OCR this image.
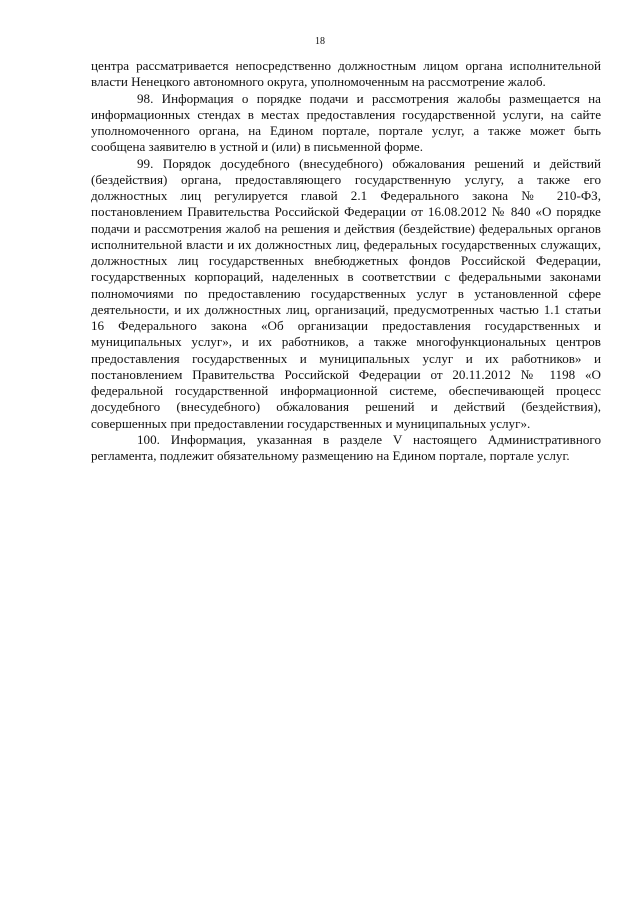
18

центра рассматривается непосредственно должностным лицом органа исполнительной власти Ненецкого автономного округа, уполномоченным на рассмотрение жалоб.

98. Информация о порядке подачи и рассмотрения жалобы размещается на информационных стендах в местах предоставления государственной услуги, на сайте уполномоченного органа, на Едином портале, портале услуг, а также может быть сообщена заявителю в устной и (или) в письменной форме.

99. Порядок досудебного (внесудебного) обжалования решений и действий (бездействия) органа, предоставляющего государственную услугу, а также его должностных лиц регулируется главой 2.1 Федерального закона № 210-ФЗ, постановлением Правительства Российской Федерации от 16.08.2012 № 840 «О порядке подачи и рассмотрения жалоб на решения и действия (бездействие) федеральных органов исполнительной власти и их должностных лиц, федеральных государственных служащих, должностных лиц государственных внебюджетных фондов Российской Федерации, государственных корпораций, наделенных в соответствии с федеральными законами полномочиями по предоставлению государственных услуг в установленной сфере деятельности, и их должностных лиц, организаций, предусмотренных частью 1.1 статьи 16 Федерального закона «Об организации предоставления государственных и муниципальных услуг», и их работников, а также многофункциональных центров предоставления государственных и муниципальных услуг и их работников» и постановлением Правительства Российской Федерации от 20.11.2012 № 1198 «О федеральной государственной информационной системе, обеспечивающей процесс досудебного (внесудебного) обжалования решений и действий (бездействия), совершенных при предоставлении государственных и муниципальных услуг».

100. Информация, указанная в разделе V настоящего Административного регламента, подлежит обязательному размещению на Едином портале, портале услуг.
